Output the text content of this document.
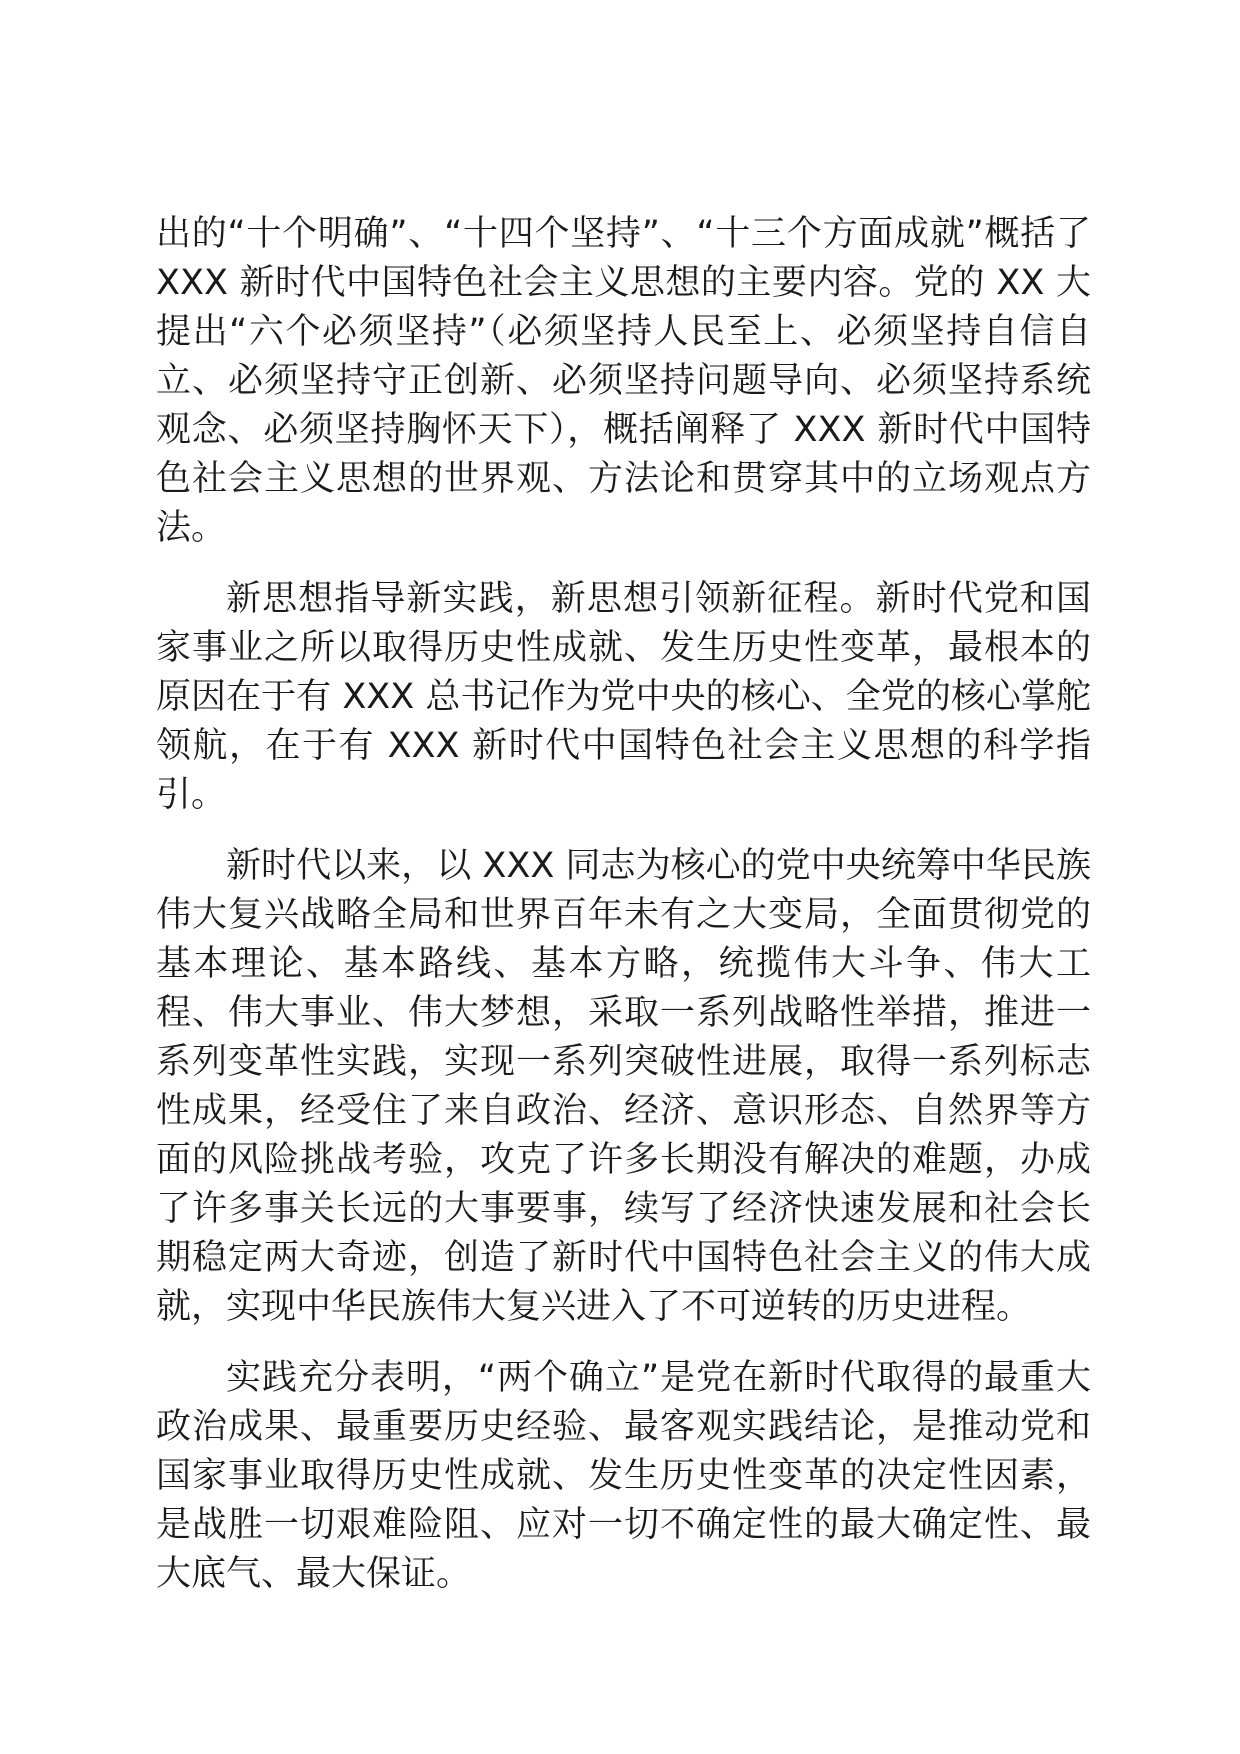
出的“十个明确”、“十四个坚持”、“十三个方面成就”概括了 XXX 新时代中国特色社会主义思想的主要内容。党的 XX 大提出“六个必须坚持”（必须坚持人民至上、必须坚持自信自立、必须坚持守正创新、必须坚持问题导向、必须坚持系统观念、必须坚持胸怀天下），概括阐释了 XXX 新时代中国特色社会主义思想的世界观、方法论和贯穿其中的立场观点方法。

新思想指导新实践，新思想引领新征程。新时代党和国家事业之所以取得历史性成就、发生历史性变革，最根本的原因在于有 XXX 总书记作为党中央的核心、全党的核心掌舵领航，在于有 XXX 新时代中国特色社会主义思想的科学指引。

新时代以来，以 XXX 同志为核心的党中央统筹中华民族伟大复兴战略全局和世界百年未有之大变局，全面贯彻党的基本理论、基本路线、基本方略，统揽伟大斗争、伟大工程、伟大事业、伟大梦想，采取一系列战略性举措，推进一系列变革性实践，实现一系列突破性进展，取得一系列标志性成果，经受住了来自政治、经济、意识形态、自然界等方面的风险挑战考验，攻克了许多长期没有解决的难题，办成了许多事关长远的大事要事，续写了经济快速发展和社会长期稳定两大奇迹，创造了新时代中国特色社会主义的伟大成就，实现中华民族伟大复兴进入了不可逆转的历史进程。

实践充分表明，“两个确立”是党在新时代取得的最重大政治成果、最重要历史经验、最客观实践结论，是推动党和国家事业取得历史性成就、发生历史性变革的决定性因素，是战胜一切艰难险阻、应对一切不确定性的最大确定性、最大底气、最大保证。
